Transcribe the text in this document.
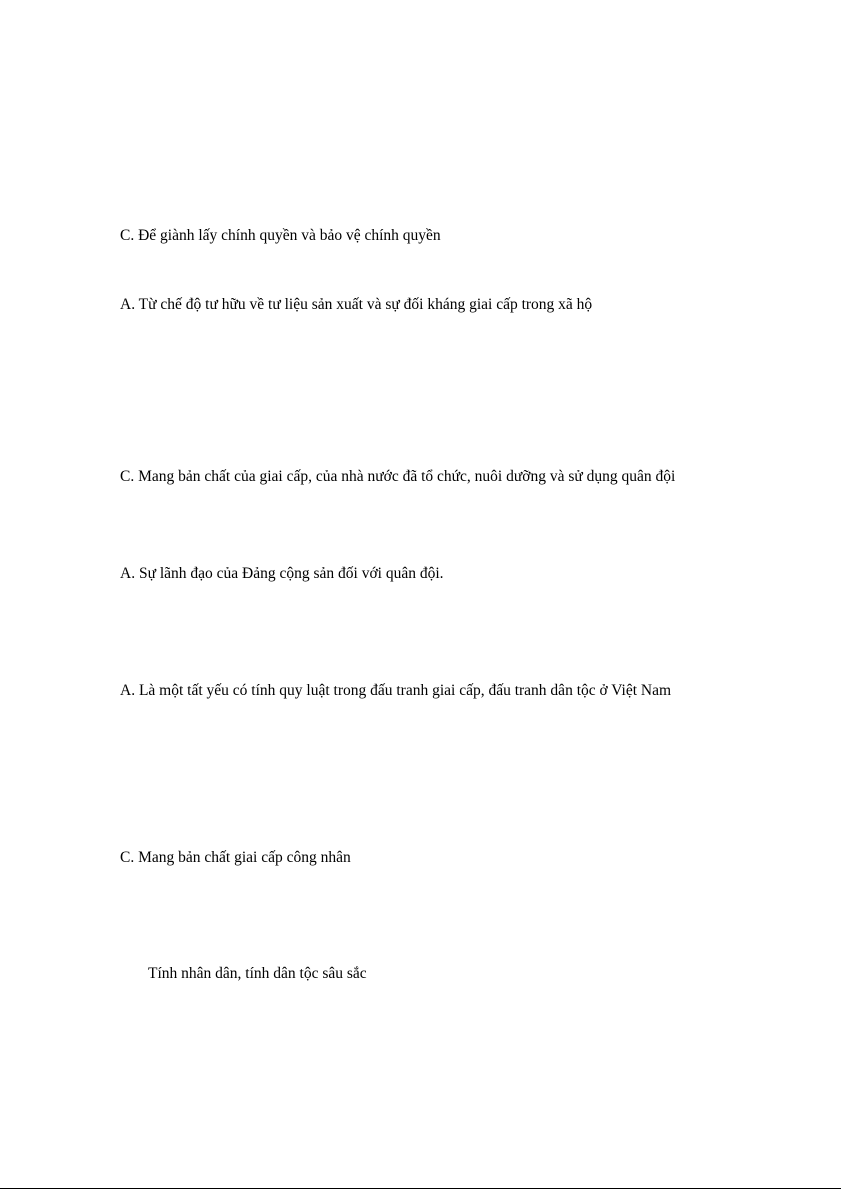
C. Để giành lấy chính quyền và bảo vệ chính quyền
A. Từ chế độ tư hữu về tư liệu sản xuất và sự đối kháng giai cấp trong xã hộ
C. Mang bản chất của giai cấp, của nhà nước đã tổ chức, nuôi dưỡng và sử dụng quân đội
A. Sự lãnh đạo của Đảng cộng sản đối với quân đội.
A. Là một tất yếu có tính quy luật trong đấu tranh giai cấp, đấu tranh dân tộc ở Việt Nam
C. Mang bản chất giai cấp công nhân
Tính nhân dân, tính dân tộc sâu sắc
